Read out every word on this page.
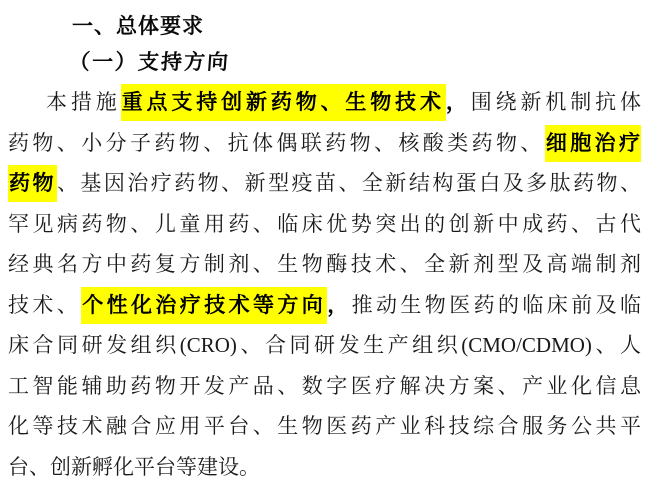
一、总体要求
（一）支持方向
本措施重点支持创新药物、生物技术，围绕新机制抗体
药物、小分子药物、抗体偶联药物、核酸类药物、细胞治疗
药物、基因治疗药物、新型疫苗、全新结构蛋白及多肽药物、
罕见病药物、儿童用药、临床优势突出的创新中成药、古代
经典名方中药复方制剂、生物酶技术、全新剂型及高端制剂
技术、个性化治疗技术等方向，推动生物医药的临床前及临
床合同研发组织(CRO)、合同研发生产组织(CMO/CDMO)、人
工智能辅助药物开发产品、数字医疗解决方案、产业化信息
化等技术融合应用平台、生物医药产业科技综合服务公共平
台、创新孵化平台等建设。
